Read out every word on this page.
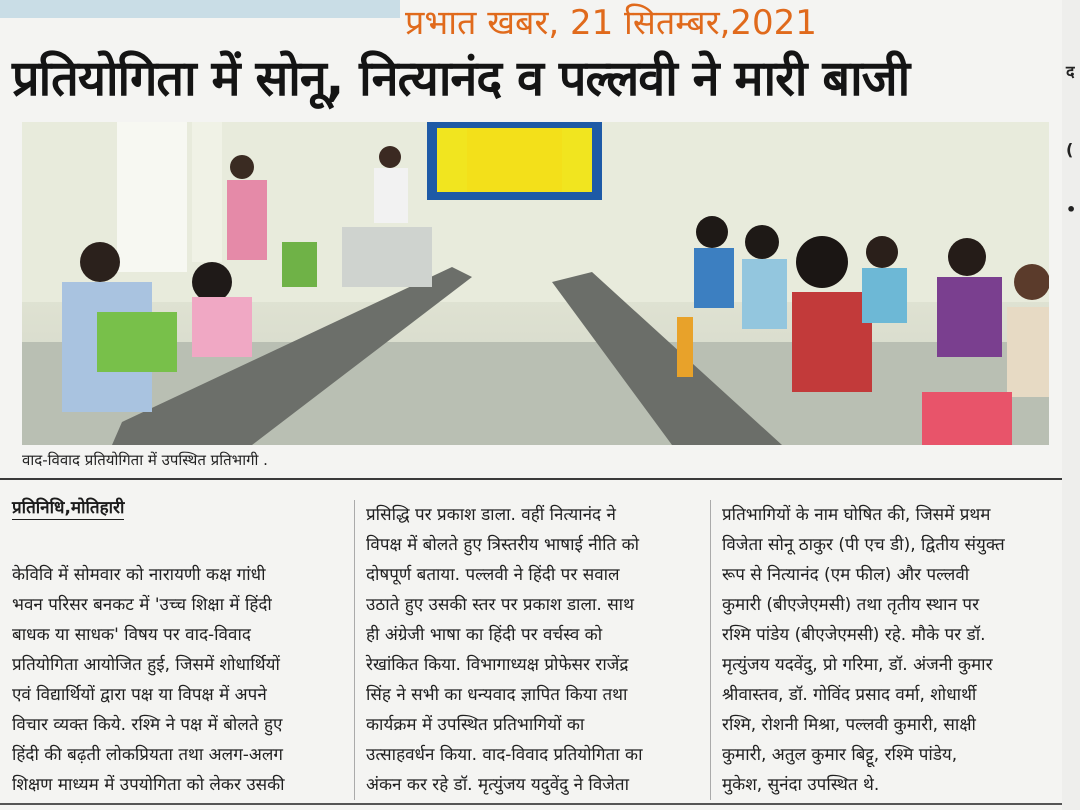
द
(
•
प्रभात खबर, 21 सितम्बर,2021
प्रतियोगिता में सोनू, नित्यानंद व पल्लवी ने मारी बाजी
वाद-विवाद प्रतियोगिता में उपस्थित प्रतिभागी .
प्रतिनिधि,मोतिहारी
केविवि में सोमवार को नारायणी कक्ष गांधी
भवन परिसर बनकट में 'उच्च शिक्षा में हिंदी
बाधक या साधक' विषय पर वाद-विवाद
प्रतियोगिता आयोजित हुई, जिसमें शोधार्थियों
एवं विद्यार्थियों द्वारा पक्ष या विपक्ष में अपने
विचार व्यक्त किये. रश्मि ने पक्ष में बोलते हुए
हिंदी की बढ़ती लोकप्रियता तथा अलग-अलग
शिक्षण माध्यम में उपयोगिता को लेकर उसकी
प्रसिद्धि पर प्रकाश डाला. वहीं नित्यानंद ने
विपक्ष में बोलते हुए त्रिस्तरीय भाषाई नीति को
दोषपूर्ण बताया. पल्लवी ने हिंदी पर सवाल
उठाते हुए उसकी स्तर पर प्रकाश डाला. साथ
ही अंग्रेजी भाषा का हिंदी पर वर्चस्व को
रेखांकित किया. विभागाध्यक्ष प्रोफेसर राजेंद्र
सिंह ने सभी का धन्यवाद ज्ञापित किया तथा
कार्यक्रम में उपस्थित प्रतिभागियों का
उत्साहवर्धन किया. वाद-विवाद प्रतियोगिता का
अंकन कर रहे डॉ. मृत्युंजय यदुवेंदु ने विजेता
प्रतिभागियों के नाम घोषित की, जिसमें प्रथम
विजेता सोनू ठाकुर (पी एच डी), द्वितीय संयुक्त
रूप से नित्यानंद (एम फील) और पल्लवी
कुमारी (बीएजेएमसी) तथा तृतीय स्थान पर
रश्मि पांडेय (बीएजेएमसी) रहे. मौके पर डॉ.
मृत्युंजय यदवेंदु, प्रो गरिमा, डॉ. अंजनी कुमार
श्रीवास्तव, डॉ. गोविंद प्रसाद वर्मा, शोधार्थी
रश्मि, रोशनी मिश्रा, पल्लवी कुमारी, साक्षी
कुमारी, अतुल कुमार बिट्टू, रश्मि पांडेय,
मुकेश, सुनंदा उपस्थित थे.
